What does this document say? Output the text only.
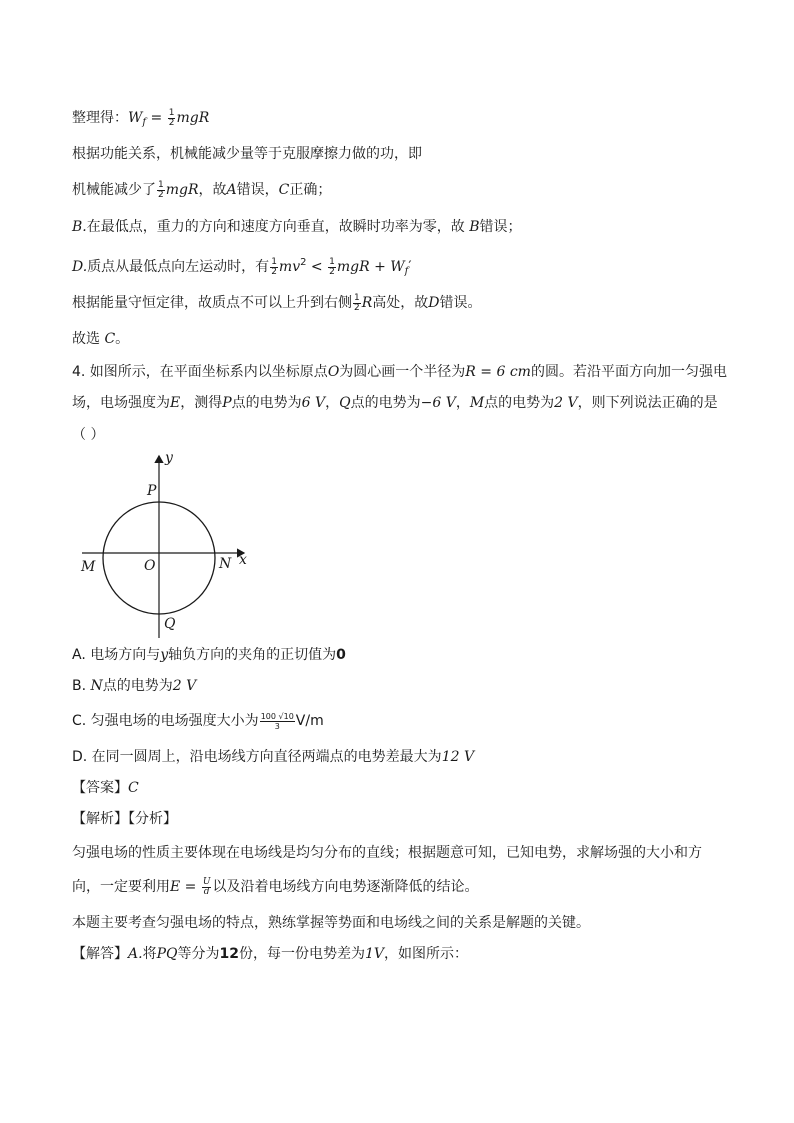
整理得：$W_f = \frac{1}{2}$ mgR
根据功能关系，机械能减少量等于克服摩擦力做的功，即
机械能减少了 $\frac{1}{2}$ mgR，故A错误，C正确；
B.在最低点，重力的方向和速度方向垂直，故瞬时功率为零，故 B错误；
D.质点从最低点向左运动时，有 $\frac{1}{2} mv^2 < \frac{1}{2}$ mgR + $W_f'$
根据能量守恒定律，故质点不可以上升到右侧 $\frac{1}{2}$ R高处，故D错误。
故选 C。
4. 如图所示，在平面坐标系内以坐标原点O为圆心画一个半径为R = 6 cm的圆。若沿平面方向加一匀强电
场，电场强度为E，测得P点的电势为6 V，Q点的电势为−6 V，M点的电势为2 V，则下列说法正确的是
（ ）
y
x
P
M	O	N
Q
A. 电场方向与y轴负方向的夹角的正切值为0
B. N点的电势为2 V
C. 匀强电场的电场强度大小为 $\frac{100 √10}{3} V/m$
D. 在同一圆周上，沿电场线方向直径两端点的电势差最大为12 V
【答案】C
【解析】【分析】
匀强电场的性质主要体现在电场线是均匀分布的直线；根据题意可知，已知电势，求解场强的大小和方
向，一定要利用$E = \frac{U}{d}$ 以及沿着电场线方向电势逐渐降低的结论。
本题主要考查匀强电场的特点，熟练掌握等势面和电场线之间的关系是解题的关键。
【解答】A.将PQ等分为12份，每一份电势差为1V，如图所示：
